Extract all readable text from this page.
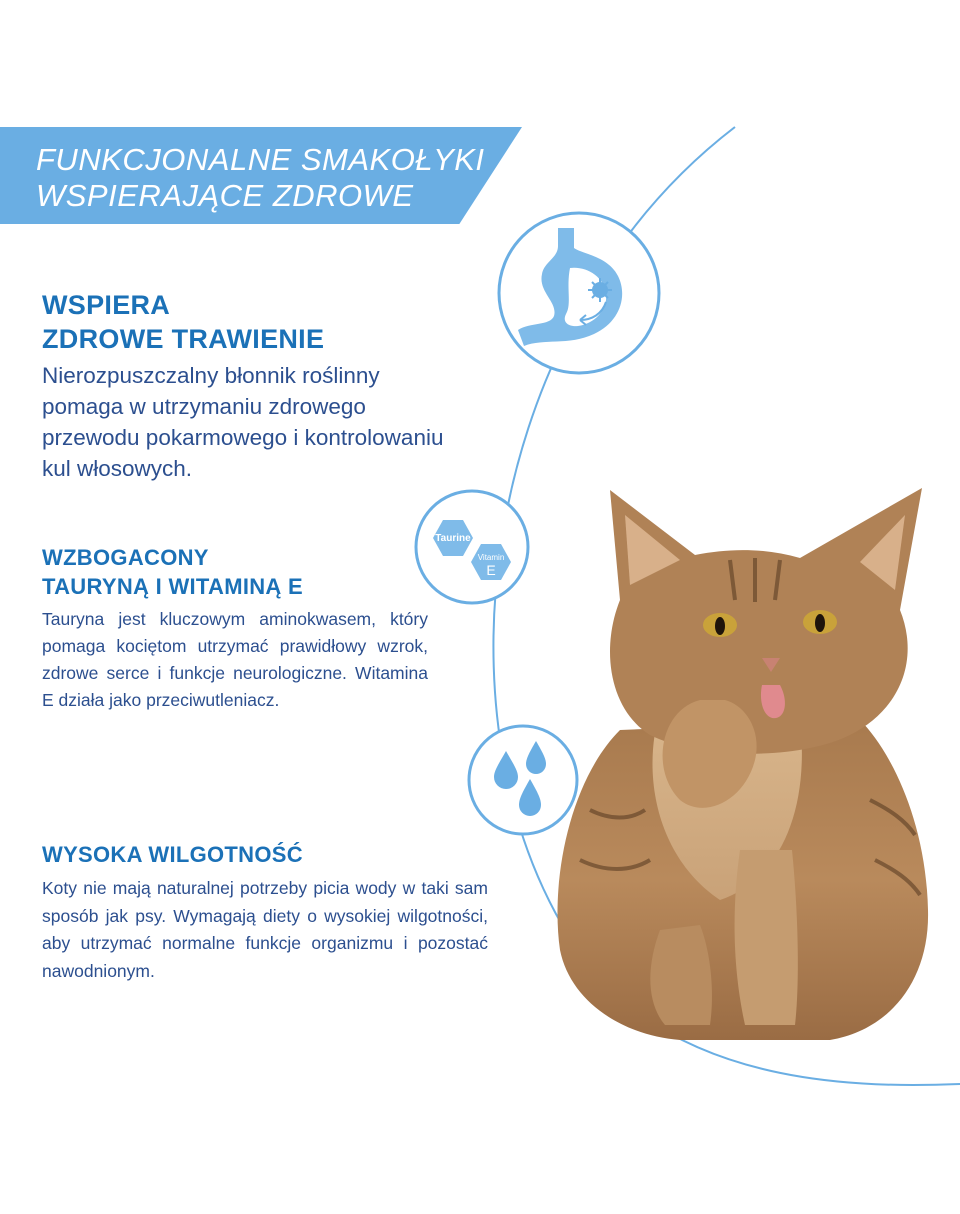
FUNKCJONALNE SMAKOŁYKI
WSPIERAJĄCE ZDROWE
Taurine
Vitamin
E
WSPIERA
ZDROWE TRAWIENIE

Nierozpuszczalny błonnik roślinny pomaga w utrzymaniu zdrowego przewodu pokarmowego i kontrolowaniu kul włosowych.

WZBOGACONY
TAURYNĄ I WITAMINĄ E

Tauryna jest kluczowym aminokwasem, który pomaga kociętom utrzymać prawidłowy wzrok, zdrowe serce i funkcje neurologiczne. Witamina E działa jako przeciwutleniacz.

WYSOKA WILGOTNOŚĆ

Koty nie mają naturalnej potrzeby picia wody w taki sam sposób jak psy. Wymagają diety o wysokiej wilgotności, aby utrzymać normalne funkcje organizmu i pozostać nawodnionym.
